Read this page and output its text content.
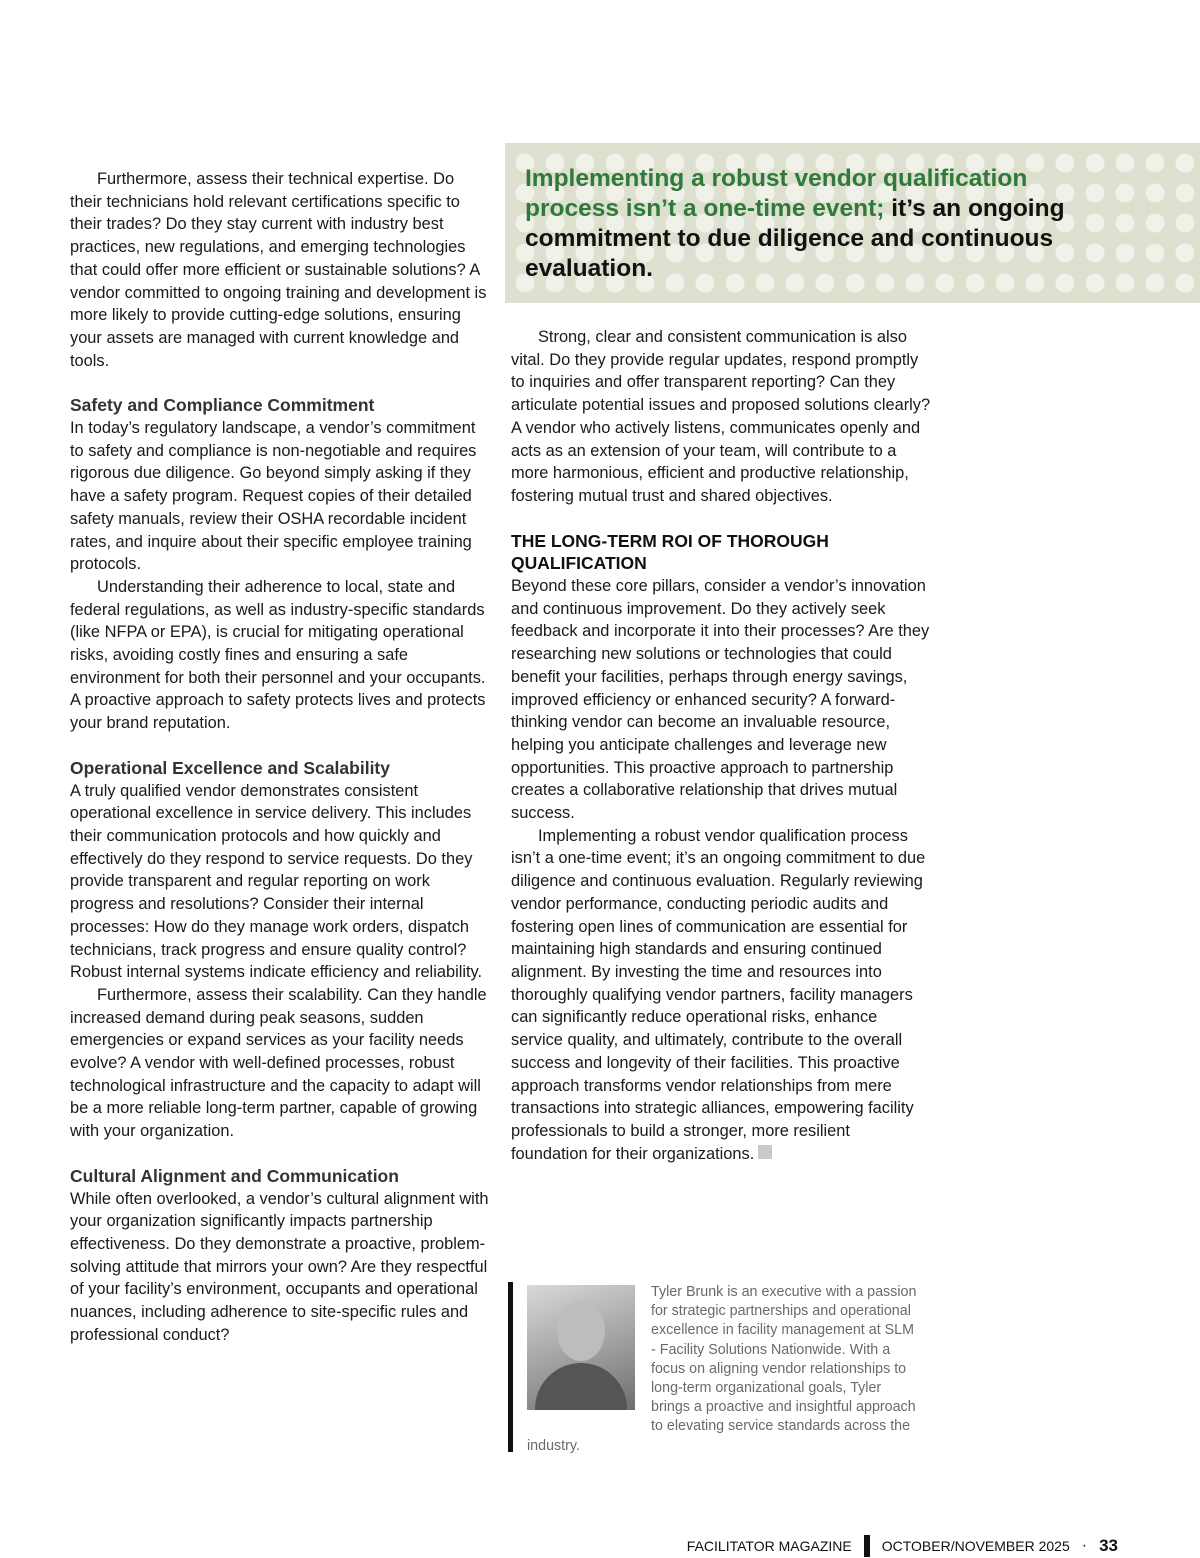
Furthermore, assess their technical expertise. Do their technicians hold relevant certifications specific to their trades? Do they stay current with industry best practices, new regulations, and emerging technologies that could offer more efficient or sustainable solutions? A vendor committed to ongoing training and development is more likely to provide cutting-edge solutions, ensuring your assets are managed with current knowledge and tools.

Safety and Compliance Commitment

In today’s regulatory landscape, a vendor’s commitment to safety and compliance is non-negotiable and requires rigorous due diligence. Go beyond simply asking if they have a safety program. Request copies of their detailed safety manuals, review their OSHA recordable incident rates, and inquire about their specific employee training protocols.

Understanding their adherence to local, state and federal regulations, as well as industry-specific standards (like NFPA or EPA), is crucial for mitigating operational risks, avoiding costly fines and ensuring a safe environment for both their personnel and your occupants. A proactive approach to safety protects lives and protects your brand reputation.

Operational Excellence and Scalability

A truly qualified vendor demonstrates consistent operational excellence in service delivery. This includes their communication protocols and how quickly and effectively do they respond to service requests. Do they provide transparent and regular reporting on work progress and resolutions? Consider their internal processes: How do they manage work orders, dispatch technicians, track progress and ensure quality control? Robust internal systems indicate efficiency and reliability.

Furthermore, assess their scalability. Can they handle increased demand during peak seasons, sudden emergencies or expand services as your facility needs evolve? A vendor with well-defined processes, robust technological infrastructure and the capacity to adapt will be a more reliable long-term partner, capable of growing with your organization.

Cultural Alignment and Communication

While often overlooked, a vendor’s cultural alignment with your organization significantly impacts partnership effectiveness. Do they demonstrate a proactive, problem-solving attitude that mirrors your own? Are they respectful of your facility’s environment, occupants and operational nuances, including adherence to site-specific rules and professional conduct?

Implementing a robust vendor qualification process isn’t a one-time event; it’s an ongoing commitment to due diligence and continuous evaluation.

Strong, clear and consistent communication is also vital. Do they provide regular updates, respond promptly to inquiries and offer transparent reporting? Can they articulate potential issues and proposed solutions clearly? A vendor who actively listens, communicates openly and acts as an extension of your team, will contribute to a more harmonious, efficient and productive relationship, fostering mutual trust and shared objectives.

THE LONG-TERM ROI OF THOROUGH QUALIFICATION

Beyond these core pillars, consider a vendor’s innovation and continuous improvement. Do they actively seek feedback and incorporate it into their processes? Are they researching new solutions or technologies that could benefit your facilities, perhaps through energy savings, improved efficiency or enhanced security? A forward-thinking vendor can become an invaluable resource, helping you anticipate challenges and leverage new opportunities. This proactive approach to partnership creates a collaborative relationship that drives mutual success.

Implementing a robust vendor qualification process isn’t a one-time event; it’s an ongoing commitment to due diligence and continuous evaluation. Regularly reviewing vendor performance, conducting periodic audits and fostering open lines of communication are essential for maintaining high standards and ensuring continued alignment. By investing the time and resources into thoroughly qualifying vendor partners, facility managers can significantly reduce operational risks, enhance service quality, and ultimately, contribute to the overall success and longevity of their facilities. This proactive approach transforms vendor relationships from mere transactions into strategic alliances, empowering facility professionals to build a stronger, more resilient foundation for their organizations.

Tyler Brunk is an executive with a passion for strategic partnerships and operational excellence in facility management at SLM - Facility Solutions Nationwide. With a focus on aligning vendor relationships to long-term organizational goals, Tyler brings a proactive and insightful approach to elevating service standards across the industry.
FACILITATOR MAGAZINE OCTOBER/NOVEMBER 2025 · 33
